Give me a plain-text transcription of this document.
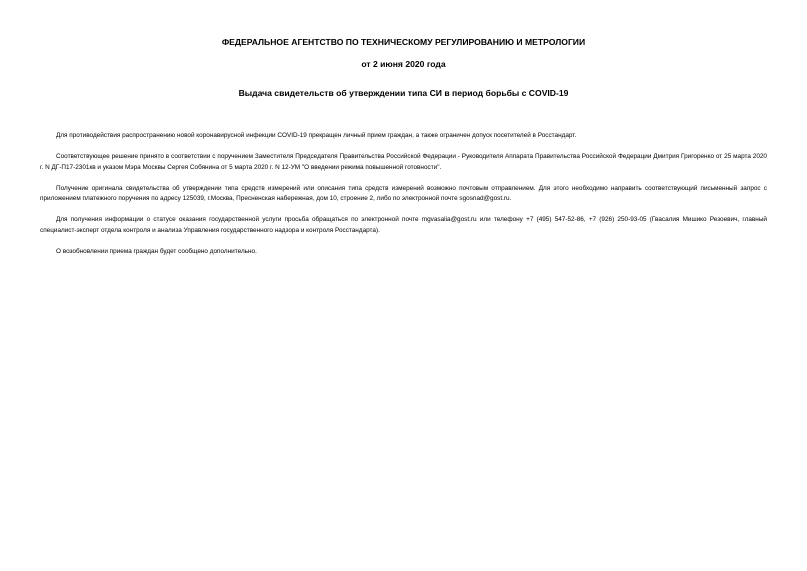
ФЕДЕРАЛЬНОЕ АГЕНТСТВО ПО ТЕХНИЧЕСКОМУ РЕГУЛИРОВАНИЮ И МЕТРОЛОГИИ

от 2 июня 2020 года

Выдача свидетельств об утверждении типа СИ в период борьбы с COVID-19

Для противодействия распространению новой коронавирусной инфекции COVID-19 прекращен личный прием граждан, а также ограничен допуск посетителей в Росстандарт.

Соответствующее решение принято в соответствии с поручением Заместителя Председателя Правительства Российской Федерации - Руководителя Аппарата Правительства Российской Федерации Дмитрия Григоренко от 25 марта 2020 г. N ДГ-П17-2301кв и указом Мэра Москвы Сергея Собянина от 5 марта 2020 г. N 12-УМ "О введении режима повышенной готовности".

Получение оригинала свидетельства об утверждении типа средств измерений или описания типа средств измерений возможно почтовым отправлением. Для этого необходимо направить соответствующий письменный запрос с приложением платежного поручения по адресу 125039, г.Москва, Пресненская набережная, дом 10, строение 2, либо по электронной почте sgosnad@gost.ru.

Для получения информации о статусе оказания государственной услуги просьба обращаться по электронной почте mgvasalia@gost.ru или телефону +7 (495) 547-52-86, +7 (926) 250-93-05 (Гвасалия Мишико Резоевич, главный специалист-эксперт отдела контроля и анализа Управления государственного надзора и контроля Росстандарта).

О возобновлении приема граждан будет сообщено дополнительно.
